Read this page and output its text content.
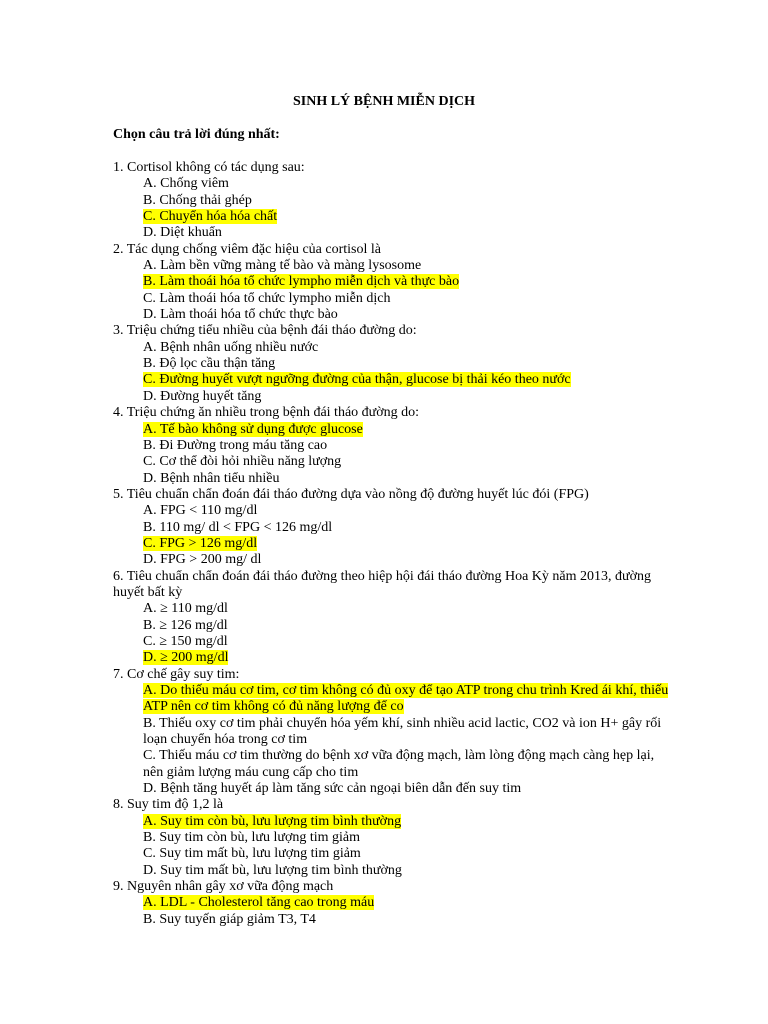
SINH LÝ BỆNH MIỄN DỊCH
Chọn câu trả lời đúng nhất:
1. Cortisol không có tác dụng sau:
A. Chống viêm
B. Chống thải ghép
C. Chuyển hóa hóa chất
D. Diệt khuẩn
2. Tác dụng chống viêm đặc hiệu của cortisol là
A. Làm bền vững màng tế bào và màng lysosome
B. Làm thoái hóa tổ chức lympho miễn dịch và thực bào
C. Làm thoái hóa tổ chức lympho miễn dịch
D. Làm thoái hóa tổ chức thực bào
3. Triệu chứng tiểu nhiều của bệnh đái tháo đường do:
A. Bệnh nhân uống nhiều nước
B. Độ lọc cầu thận tăng
C. Đường huyết vượt ngưỡng đường của thận, glucose bị thải kéo theo nước
D. Đường huyết tăng
4. Triệu chứng ăn nhiều trong bệnh đái tháo đường do:
A. Tế bào không sử dụng được glucose
B. Đi Đường trong máu tăng cao
C. Cơ thể đòi hỏi nhiều năng lượng
D. Bệnh nhân tiểu nhiều
5. Tiêu chuẩn chẩn đoán đái tháo đường dựa vào nồng độ đường huyết lúc đói (FPG)
A. FPG < 110 mg/dl
B. 110 mg/ dl < FPG < 126 mg/dl
C. FPG > 126 mg/dl
D. FPG > 200 mg/ dl
6. Tiêu chuẩn chẩn đoán đái tháo đường theo hiệp hội đái tháo đường Hoa Kỳ năm 2013, đường huyết bất kỳ
A. ≥ 110 mg/dl
B. ≥ 126 mg/dl
C. ≥ 150 mg/dl
D. ≥ 200 mg/dl
7. Cơ chế gây suy tim:
A. Do thiếu máu cơ tim, cơ tim không có đủ oxy để tạo ATP trong chu trình Kred ái khí, thiếu ATP nên cơ tim không có đủ năng lượng để co
B. Thiếu oxy cơ tim phải chuyển hóa yếm khí, sinh nhiều acid lactic, CO2 và ion H+ gây rối loạn chuyển hóa trong cơ tim
C. Thiếu máu cơ tim thường do bệnh xơ vữa động mạch, làm lòng động mạch càng hẹp lại, nên giảm lượng máu cung cấp cho tim
D. Bệnh tăng huyết áp làm tăng sức cản ngoại biên dẫn đến suy tim
8. Suy tim độ 1,2 là
A. Suy tim còn bù, lưu lượng tim bình thường
B. Suy tim còn bù, lưu lượng tim giảm
C. Suy tim mất bù, lưu lượng tim giảm
D. Suy tim mất bù, lưu lượng tim bình thường
9. Nguyên nhân gây xơ vữa động mạch
A. LDL - Cholesterol tăng cao trong máu
B. Suy tuyến giáp giảm T3, T4
